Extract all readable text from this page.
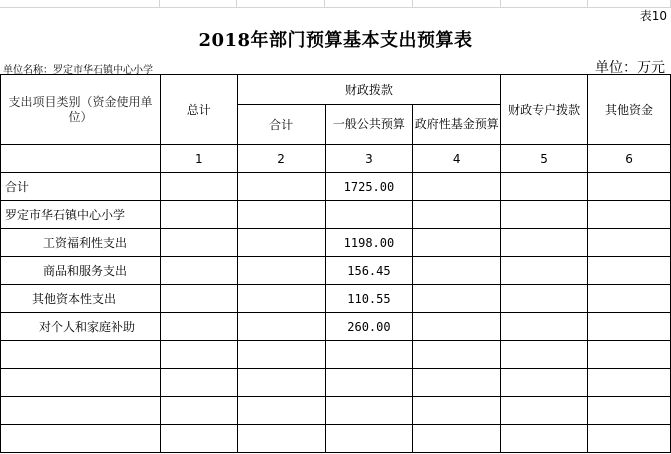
表10
2018年部门预算基本支出预算表
单位名称：罗定市华石镇中心小学	单位：万元
支出项目类别（资金使用单位）	总计	财政拨款			财政专户拨款	其他资金
		合计	一般公共预算	政府性基金预算		
	1	2	3	4	5	6
合计			1725.00			
罗定市华石镇中心小学						
工资福利性支出			1198.00			
商品和服务支出			156.45			
其他资本性支出			110.55			
对个人和家庭补助			260.00			
